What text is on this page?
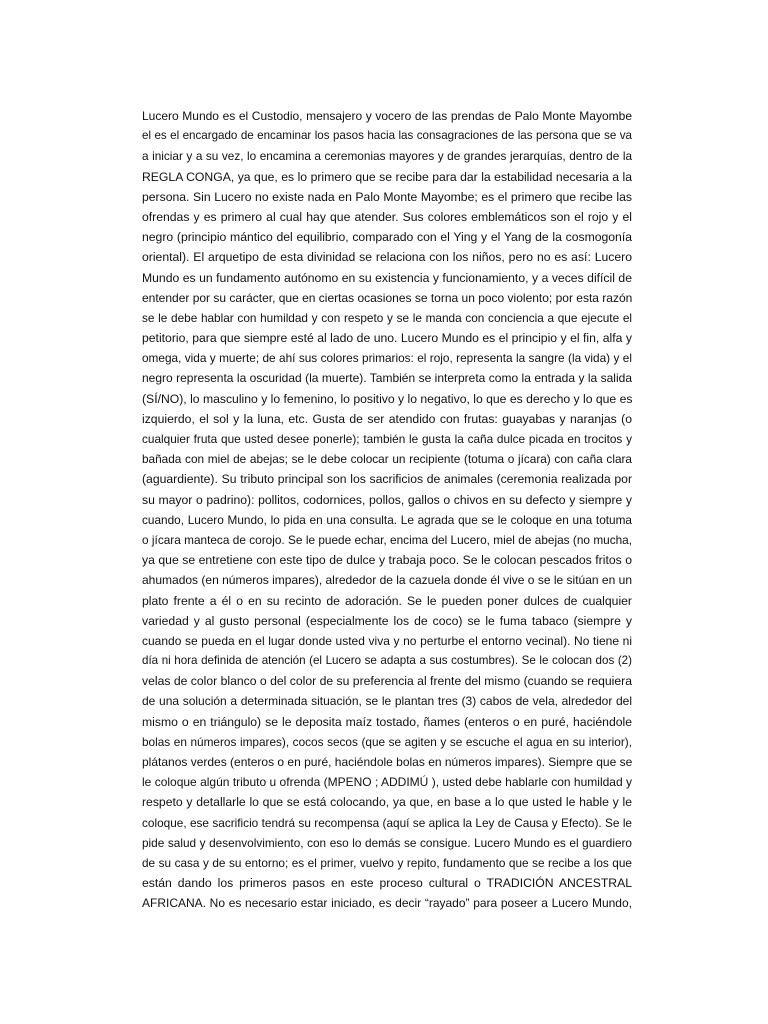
Lucero Mundo es el Custodio, mensajero y vocero de las prendas de Palo Monte Mayombe
el es el encargado de encaminar los pasos hacia las consagraciones de las persona que se va
a iniciar y a su vez, lo encamina a ceremonias mayores y de grandes jerarquías, dentro de la
REGLA CONGA, ya que, es lo primero que se recibe para dar la estabilidad necesaria a la
persona. Sin Lucero no existe nada en Palo Monte Mayombe; es el primero que recibe las
ofrendas y es primero al cual hay que atender. Sus colores emblemáticos son el rojo y el
negro (principio mántico del equilibrio, comparado con el Ying y el Yang de la cosmogonía
oriental). El arquetipo de esta divinidad se relaciona con los niños, pero no es así: Lucero
Mundo es un fundamento autónomo en su existencia y funcionamiento, y a veces difícil de
entender por su carácter, que en ciertas ocasiones se torna un poco violento; por esta razón
se le debe hablar con humildad y con respeto y se le manda con conciencia a que ejecute el
petitorio, para que siempre esté al lado de uno. Lucero Mundo es el principio y el fin, alfa y
omega, vida y muerte; de ahí sus colores primarios: el rojo, representa la sangre (la vida) y el
negro representa la oscuridad (la muerte). También se interpreta como la entrada y la salida
(SÍ/NO), lo masculino y lo femenino, lo positivo y lo negativo, lo que es derecho y lo que es
izquierdo, el sol y la luna, etc. Gusta de ser atendido con frutas: guayabas y naranjas (o
cualquier fruta que usted desee ponerle); también le gusta la caña dulce picada en trocitos y
bañada con miel de abejas; se le debe colocar un recipiente (totuma o jícara) con caña clara
(aguardiente). Su tributo principal son los sacrificios de animales (ceremonia realizada por
su mayor o padrino): pollitos, codornices, pollos, gallos o chivos en su defecto y siempre y
cuando, Lucero Mundo, lo pida en una consulta. Le agrada que se le coloque en una totuma
o jícara manteca de corojo. Se le puede echar, encima del Lucero, miel de abejas (no mucha,
ya que se entretiene con este tipo de dulce y trabaja poco. Se le colocan pescados fritos o
ahumados (en números impares), alrededor de la cazuela donde él vive o se le sitúan en un
plato frente a él o en su recinto de adoración. Se le pueden poner dulces de cualquier
variedad y al gusto personal (especialmente los de coco) se le fuma tabaco (siempre y
cuando se pueda en el lugar donde usted viva y no perturbe el entorno vecinal). No tiene ni
día ni hora definida de atención (el Lucero se adapta a sus costumbres). Se le colocan dos (2)
velas de color blanco o del color de su preferencia al frente del mismo (cuando se requiera
de una solución a determinada situación, se le plantan tres (3) cabos de vela, alrededor del
mismo o en triángulo) se le deposita maíz tostado, ñames (enteros o en puré, haciéndole
bolas en números impares), cocos secos (que se agiten y se escuche el agua en su interior),
plátanos verdes (enteros o en puré, haciéndole bolas en números impares). Siempre que se
le coloque algún tributo u ofrenda (MPENO ; ADDIMÚ ), usted debe hablarle con humildad y
respeto y detallarle lo que se está colocando, ya que, en base a lo que usted le hable y le
coloque, ese sacrificio tendrá su recompensa (aquí se aplica la Ley de Causa y Efecto). Se le
pide salud y desenvolvimiento, con eso lo demás se consigue. Lucero Mundo es el guardiero
de su casa y de su entorno; es el primer, vuelvo y repito, fundamento que se recibe a los que
están dando los primeros pasos en este proceso cultural o TRADICIÓN ANCESTRAL
AFRICANA. No es necesario estar iniciado, es decir “rayado” para poseer a Lucero Mundo,
